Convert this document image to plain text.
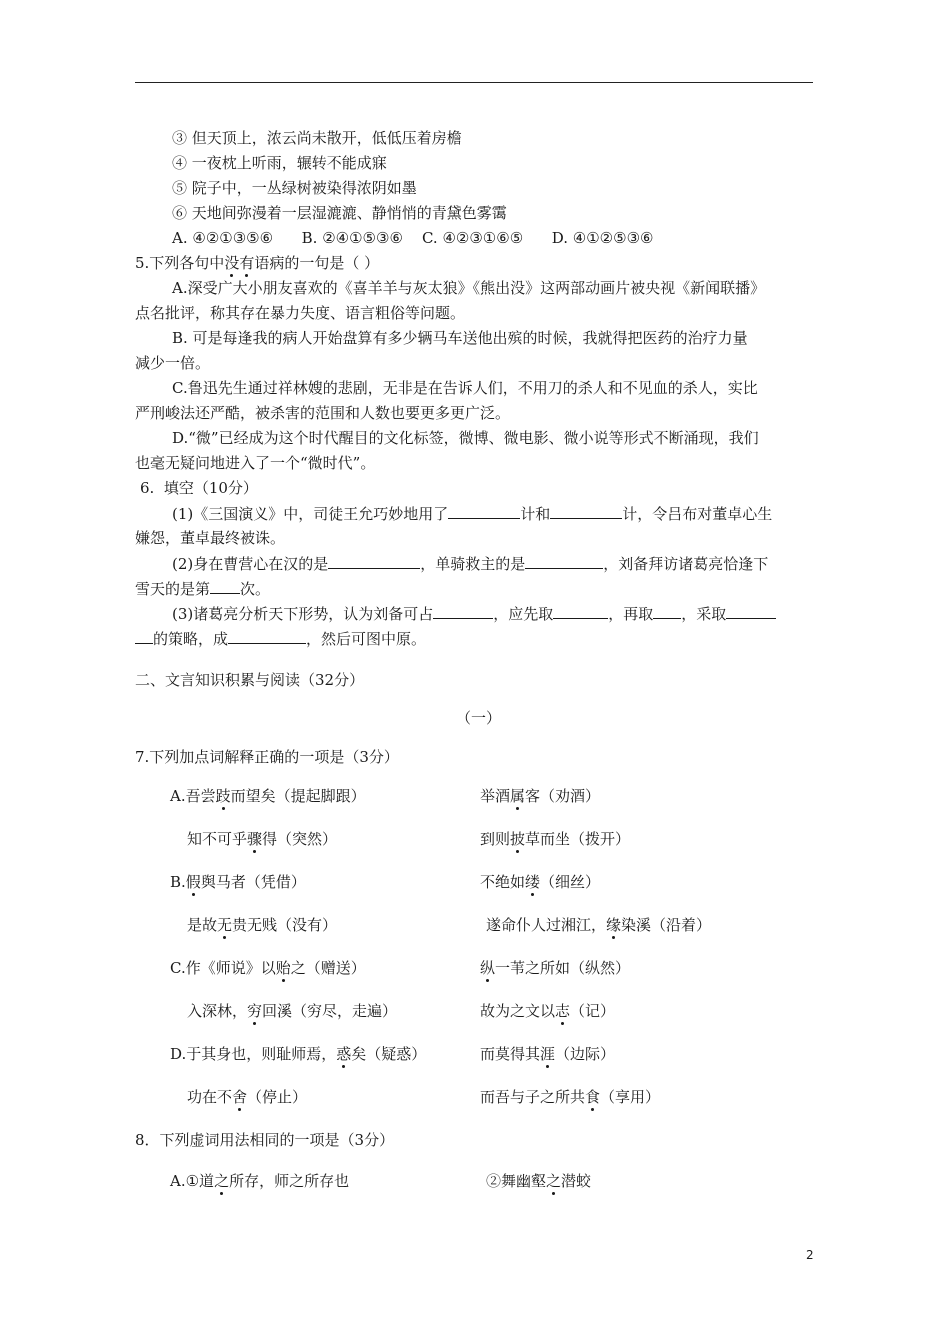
③ 但天顶上，浓云尚未散开，低低压着房檐
④ 一夜枕上听雨，辗转不能成寐
⑤ 院子中，一丛绿树被染得浓阴如墨
⑥ 天地间弥漫着一层湿漉漉、静悄悄的青黛色雾霭
A. ④②①③⑤⑥      B. ②④①⑤③⑥    C. ④②③①⑥⑤      D. ④①②⑤③⑥
5.下列各句中没有语病的一句是（ ）
A.深受广大小朋友喜欢的《喜羊羊与灰太狼》《熊出没》这两部动画片被央视《新闻联播》
点名批评，称其存在暴力失度、语言粗俗等问题。
B. 可是每逢我的病人开始盘算有多少辆马车送他出殡的时候，我就得把医药的治疗力量
减少一倍。
C.鲁迅先生通过祥林嫂的悲剧，无非是在告诉人们，不用刀的杀人和不见血的杀人，实比
严刑峻法还严酷，被杀害的范围和人数也要更多更广泛。
D.“微”已经成为这个时代醒目的文化标签，微博、微电影、微小说等形式不断涌现，我们
也毫无疑问地进入了一个“微时代”。
6.  填空（10分）
(1)《三国演义》中，司徒王允巧妙地用了	计和	计，令吕布对董卓心生
嫌怨，董卓最终被诛。
(2)身在曹营心在汉的是	，单骑救主的是	，刘备拜访诸葛亮恰逢下
雪天的是第 次。
(3)诸葛亮分析天下形势，认为刘备可占	，应先取	，再取 ，采取
的策略，成	，然后可图中原。
二、文言知识积累与阅读（32分）
（一）
7.下列加点词解释正确的一项是（3分）
A.吾尝跂而望矣（提起脚跟）	举酒属客（劝酒）
知不可乎骤得（突然）	到则披草而坐（拨开）
B.假舆马者（凭借）	不绝如缕（细丝）
是故无贵无贱（没有）	遂命仆人过湘江，缘染溪（沿着）
C.作《师说》以贻之（赠送）	纵一苇之所如（纵然）
入深林，穷回溪（穷尽，走遍）	故为之文以志（记）
D.于其身也，则耻师焉，惑矣（疑惑）	而莫得其涯（边际）
功在不舍（停止）	而吾与子之所共食（享用）
8．下列虚词用法相同的一项是（3分）
A.①道之所存，师之所存也	②舞幽壑之潜蛟
2
